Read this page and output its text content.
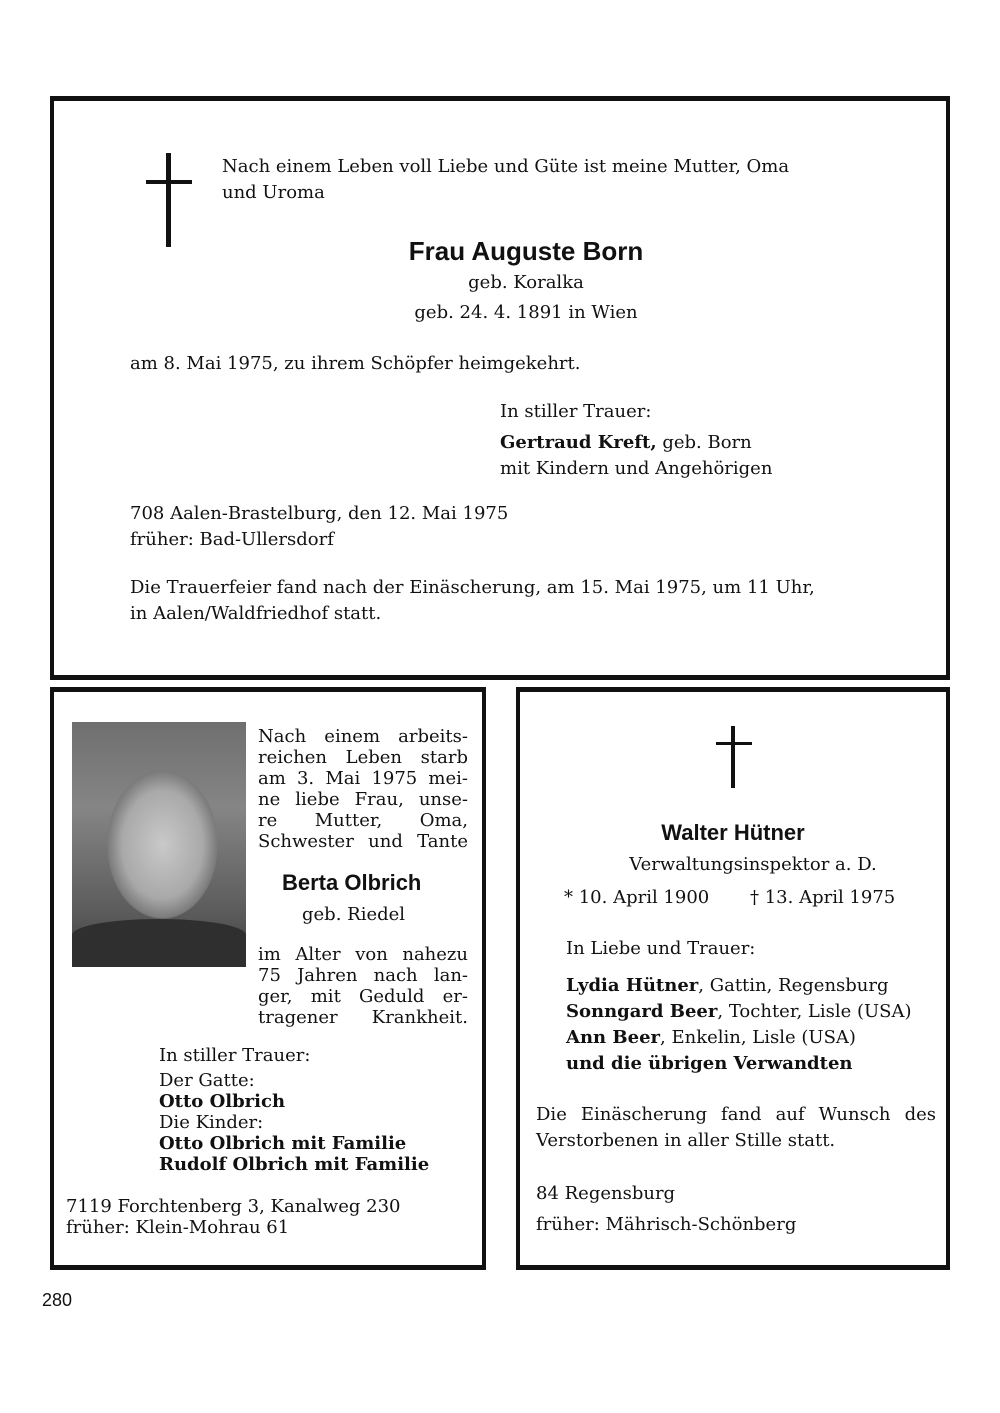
Nach einem Leben voll Liebe und Güte ist meine Mutter, Oma
und Uroma
Frau Auguste Born
geb. Koralka
geb. 24. 4. 1891 in Wien
am 8. Mai 1975, zu ihrem Schöpfer heimgekehrt.
In stiller Trauer:
Gertraud Kreft, geb. Born
mit Kindern und Angehörigen
708 Aalen-Brastelburg, den 12. Mai 1975
früher: Bad-Ullersdorf
Die Trauerfeier fand nach der Einäscherung, am 15. Mai 1975, um 11 Uhr,
in Aalen/Waldfriedhof statt.
Nach einem arbeits-
reichen Leben starb
am 3. Mai 1975 mei-
ne liebe Frau, unse-
re Mutter, Oma,
Schwester und Tante
Berta Olbrich
geb. Riedel
im Alter von nahezu
75 Jahren nach lan-
ger, mit Geduld er-
tragener Krankheit.
In stiller Trauer:
Der Gatte:
Otto Olbrich
Die Kinder:
Otto Olbrich mit Familie
Rudolf Olbrich mit Familie
7119 Forchtenberg 3, Kanalweg 230
früher: Klein-Mohrau 61
Walter Hütner
Verwaltungsinspektor a. D.
* 10. April 1900 † 13. April 1975
In Liebe und Trauer:
Lydia Hütner, Gattin, Regensburg
Sonngard Beer, Tochter, Lisle (USA)
Ann Beer, Enkelin, Lisle (USA)
und die übrigen Verwandten
Die Einäscherung fand auf Wunsch des
Verstorbenen in aller Stille statt.
84 Regensburg
früher: Mährisch-Schönberg
280
